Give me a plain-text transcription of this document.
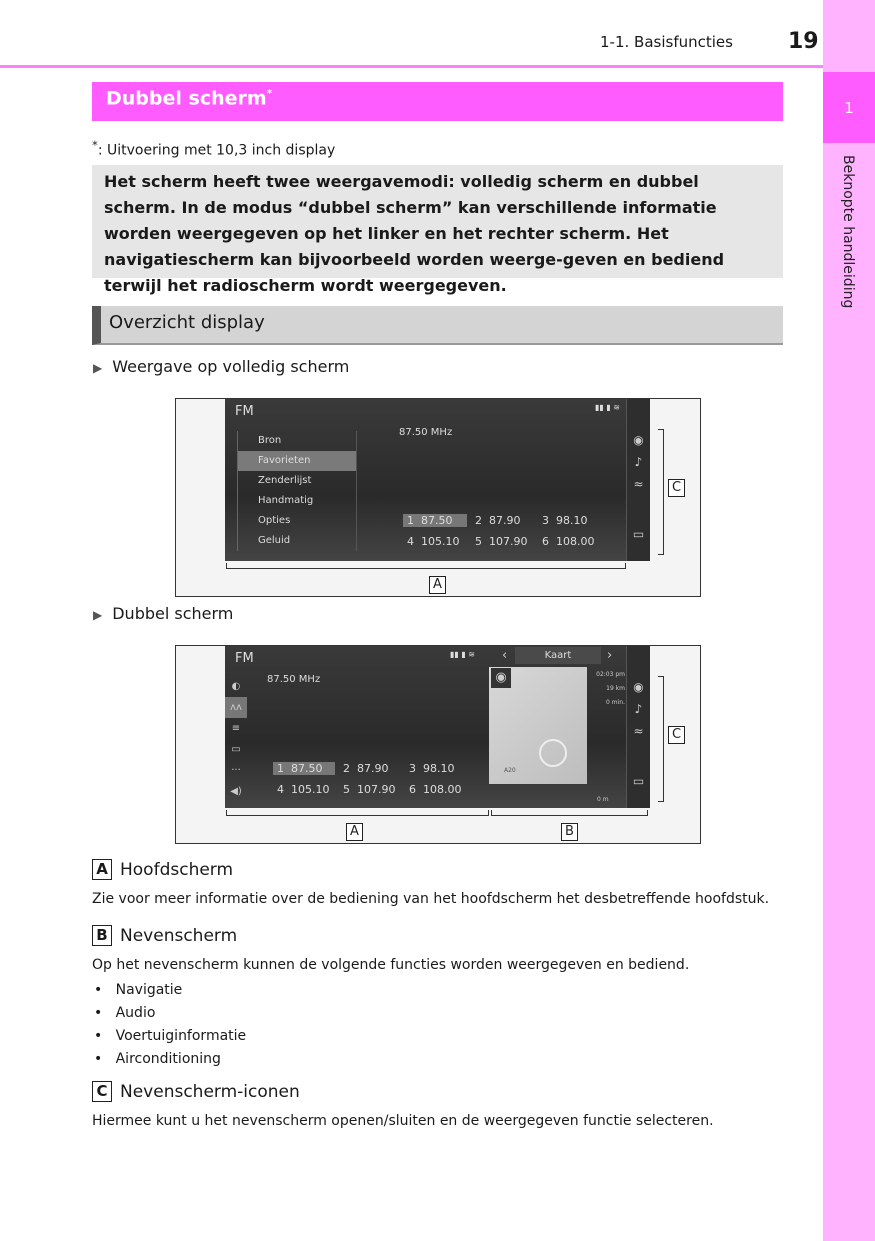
1
Beknopte handleiding
1-1. Basisfuncties	19
Dubbel scherm*
*: Uitvoering met 10,3 inch display
Het scherm heeft twee weergavemodi: volledig scherm en dubbel scherm. In de modus “dubbel scherm” kan verschillende informatie worden weergegeven op het linker en het rechter scherm. Het navigatiescherm kan bijvoorbeeld worden weerge-geven en bediend terwijl het radioscherm wordt weergegeven.
Overzicht display
▶ Weergave op volledig scherm
FM	▮▮ ▮ ≋
87.50 MHz
Bron
Favorieten
Zenderlijst
Handmatig
Opties
Geluid
1 87.50	2 87.90 3 98.10
4 105.10 5 107.90 6 108.00
◉
♪
≈
▭
C
A
▶ Dubbel scherm
FM	▮▮ ▮ ≋
87.50 MHz
◐
ᴧᴧ
≡
▭
···
◀)
1 87.50	2 87.90 3 98.10
4 105.10 5 107.90 6 108.00
‹	Kaart	›
A20
◉	02:03 pm
19 km
0 min.
0 m
◉
♪
≈
▭
C
A	B
A Hoofdscherm
Zie voor meer informatie over de bediening van het hoofdscherm het desbetreffende hoofdstuk.
B Nevenscherm
Op het nevenscherm kunnen de volgende functies worden weergegeven en bediend.
•   Navigatie
•   Audio
•   Voertuiginformatie
•   Airconditioning
C Nevenscherm-iconen
Hiermee kunt u het nevenscherm openen/sluiten en de weergegeven functie selecteren.
